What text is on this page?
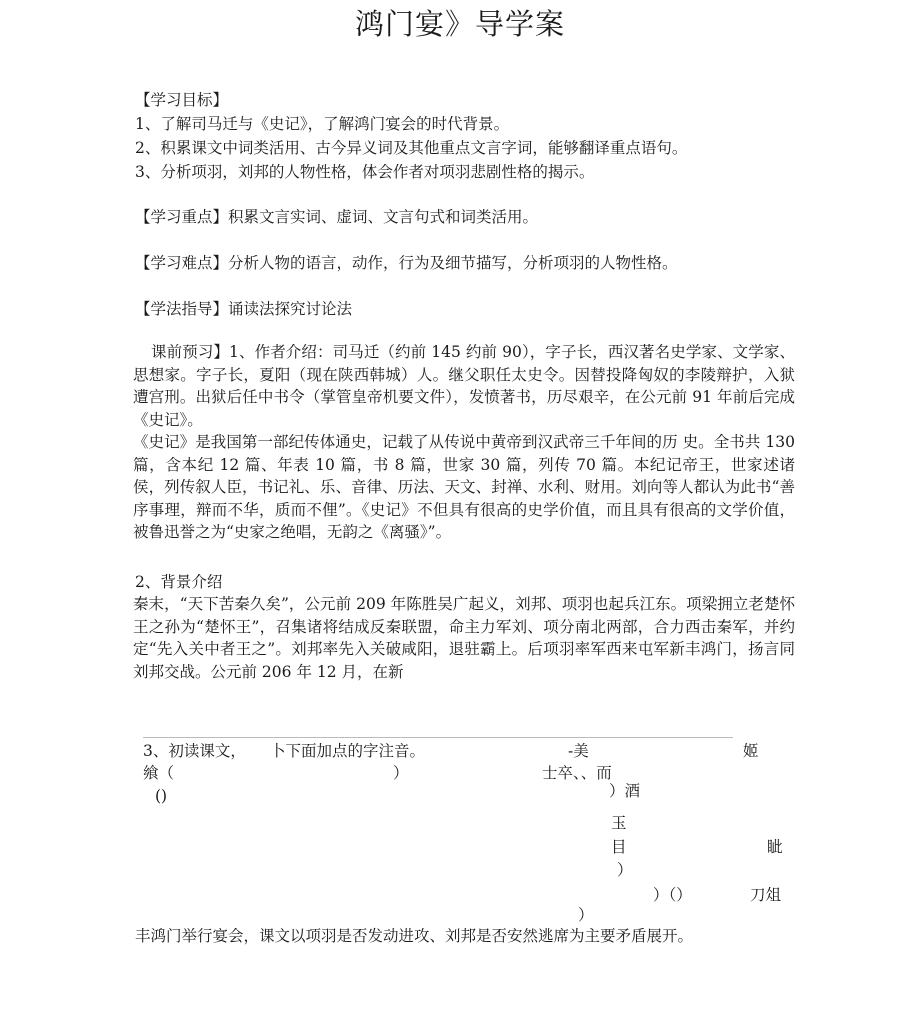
鸿门宴》导学案
【学习目标】
1、了解司马迁与《史记》，了解鸿门宴会的时代背景。
2、积累课文中词类活用、古今异义词及其他重点文言字词，能够翻译重点语句。
3、分析项羽，刘邦的人物性格，体会作者对项羽悲剧性格的揭示。
【学习重点】积累文言实词、虚词、文言句式和词类活用。
【学习难点】分析人物的语言，动作，行为及细节描写，分析项羽的人物性格。
【学法指导】诵读法探究讨论法
课前预习】1、作者介绍：司马迁（约前 145 约前 90），字子长，西汉著名史学家、文学家、思想家。字子长，夏阳（现在陕西韩城）人。继父职任太史令。因替投降匈奴的李陵辩护，入狱遭宫刑。出狱后任中书令（掌管皇帝机要文件），发愤著书，历尽艰辛，在公元前 91 年前后完成《史记》。
《史记》是我国第一部纪传体通史，记载了从传说中黄帝到汉武帝三千年间的历 史。全书共 130 篇，含本纪 12 篇、年表 10 篇，书 8 篇，世家 30 篇，列传 70 篇。本纪记帝王，世家述诸侯，列传叙人臣，书记礼、乐、音律、历法、天文、封禅、水利、财用。刘向等人都认为此书“善序事理，辩而不华，质而不俚”。《史记》不但具有很高的史学价值，而且具有很高的文学价值，被鲁迅誉之为“史家之绝唱，无韵之《离骚》”。
2、背景介绍
秦末，“天下苦秦久矣”，公元前 209 年陈胜吴广起义，刘邦、项羽也起兵江东。项梁拥立老楚怀王之孙为“楚怀王”，召集诸将结成反秦联盟，命主力军刘、项分南北两部，合力西击秦军，并约定“先入关中者王之”。刘邦率先入关破咸阳，退驻霸上。后项羽率军西来屯军新丰鸿门，扬言同刘邦交战。公元前 206 年 12 月，在新
3、初读课文， 卜下面加点的字注音。	-美	姬
飨（	）	士卒、、而
()	）酒
玉
目	眦
）
）（）	刀俎
）
丰鸿门举行宴会，课文以项羽是否发动进攻、刘邦是否安然逃席为主要矛盾展开。
